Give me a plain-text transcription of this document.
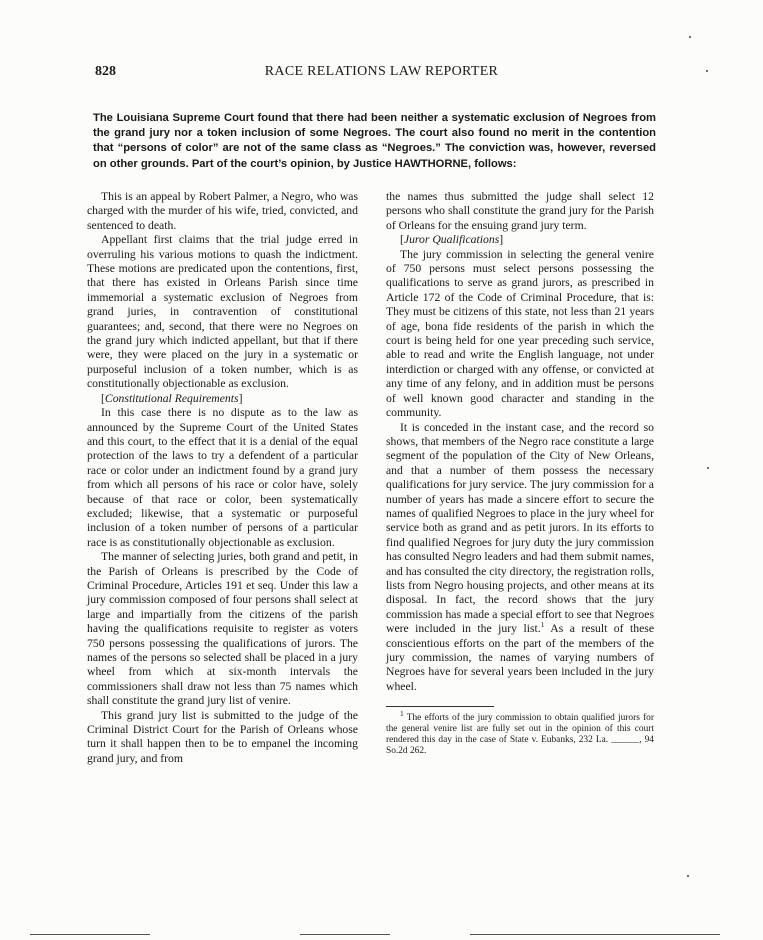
828	RACE RELATIONS LAW REPORTER
The Louisiana Supreme Court found that there had been neither a systematic exclusion of Negroes from the grand jury nor a token inclusion of some Negroes. The court also found no merit in the contention that “persons of color” are not of the same class as “Negroes.” The conviction was, however, reversed on other grounds. Part of the court’s opinion, by Justice HAWTHORNE, follows:

This is an appeal by Robert Palmer, a Negro, who was charged with the murder of his wife, tried, convicted, and sentenced to death.

Appellant first claims that the trial judge erred in overruling his various motions to quash the indictment. These motions are predicated upon the contentions, first, that there has existed in Orleans Parish since time immemorial a systematic exclusion of Negroes from grand juries, in contravention of constitutional guarantees; and, second, that there were no Negroes on the grand jury which indicted appellant, but that if there were, they were placed on the jury in a systematic or purposeful inclusion of a token number, which is as constitutionally objectionable as exclusion.

[Constitutional Requirements]

In this case there is no dispute as to the law as announced by the Supreme Court of the United States and this court, to the effect that it is a denial of the equal protection of the laws to try a defendent of a particular race or color under an indictment found by a grand jury from which all persons of his race or color have, solely because of that race or color, been systematically excluded; likewise, that a systematic or purposeful inclusion of a token number of persons of a particular race is as constitutionally objectionable as exclusion.

The manner of selecting juries, both grand and petit, in the Parish of Orleans is prescribed by the Code of Criminal Procedure, Articles 191 et seq. Under this law a jury commission composed of four persons shall select at large and impartially from the citizens of the parish having the qualifications requisite to register as voters 750 persons possessing the qualifications of jurors. The names of the persons so selected shall be placed in a jury wheel from which at six-month intervals the commissioners shall draw not less than 75 names which shall constitute the grand jury list of venire.

This grand jury list is submitted to the judge of the Criminal District Court for the Parish of Orleans whose turn it shall happen then to be to empanel the incoming grand jury, and from

the names thus submitted the judge shall select 12 persons who shall constitute the grand jury for the Parish of Orleans for the ensuing grand jury term.

[Juror Qualifications]

The jury commission in selecting the general venire of 750 persons must select persons possessing the qualifications to serve as grand jurors, as prescribed in Article 172 of the Code of Criminal Procedure, that is: They must be citizens of this state, not less than 21 years of age, bona fide residents of the parish in which the court is being held for one year preceding such service, able to read and write the English language, not under interdiction or charged with any offense, or convicted at any time of any felony, and in addition must be persons of well known good character and standing in the community.

It is conceded in the instant case, and the record so shows, that members of the Negro race constitute a large segment of the population of the City of New Orleans, and that a number of them possess the necessary qualifications for jury service. The jury commission for a number of years has made a sincere effort to secure the names of qualified Negroes to place in the jury wheel for service both as grand and as petit jurors. In its efforts to find qualified Negroes for jury duty the jury commission has consulted Negro leaders and had them submit names, and has consulted the city directory, the registration rolls, lists from Negro housing projects, and other means at its disposal. In fact, the record shows that the jury commission has made a special effort to see that Negroes were included in the jury list.$^1$ As a result of these conscientious efforts on the part of the members of the jury commission, the names of varying numbers of Negroes have for several years been included in the jury wheel.

$^1$ The efforts of the jury commission to obtain qualified jurors for the general venire list are fully set out in the opinion of this court rendered this day in the case of State v. Eubanks, 232 La. ______, 94 So.2d 262.
